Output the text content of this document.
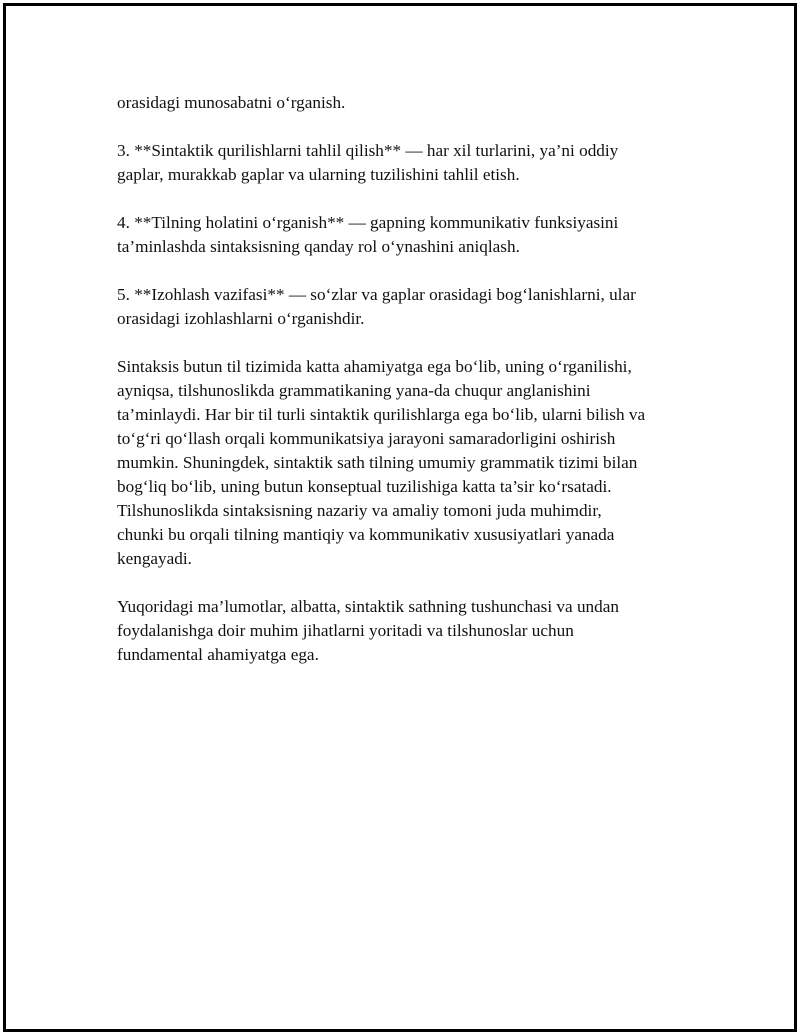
orasidagi munosabatni o‘rganish.

3. **Sintaktik qurilishlarni tahlil qilish** — har xil turlarini, ya’ni oddiy
gaplar, murakkab gaplar va ularning tuzilishini tahlil etish.

4. **Tilning holatini o‘rganish** — gapning kommunikativ funksiyasini
ta’minlashda sintaksisning qanday rol o‘ynashini aniqlash.

5. **Izohlash vazifasi** — so‘zlar va gaplar orasidagi bog‘lanishlarni, ular
orasidagi izohlashlarni o‘rganishdir.

Sintaksis butun til tizimida katta ahamiyatga ega bo‘lib, uning o‘rganilishi,
ayniqsa, tilshunoslikda grammatikaning yana-da chuqur anglanishini
ta’minlaydi. Har bir til turli sintaktik qurilishlarga ega bo‘lib, ularni bilish va
to‘g‘ri qo‘llash orqali kommunikatsiya jarayoni samaradorligini oshirish
mumkin. Shuningdek, sintaktik sath tilning umumiy grammatik tizimi bilan
bog‘liq bo‘lib, uning butun konseptual tuzilishiga katta ta’sir ko‘rsatadi.
Tilshunoslikda sintaksisning nazariy va amaliy tomoni juda muhimdir,
chunki bu orqali tilning mantiqiy va kommunikativ xususiyatlari yanada
kengayadi.

Yuqoridagi ma’lumotlar, albatta, sintaktik sathning tushunchasi va undan
foydalanishga doir muhim jihatlarni yoritadi va tilshunoslar uchun
fundamental ahamiyatga ega.
